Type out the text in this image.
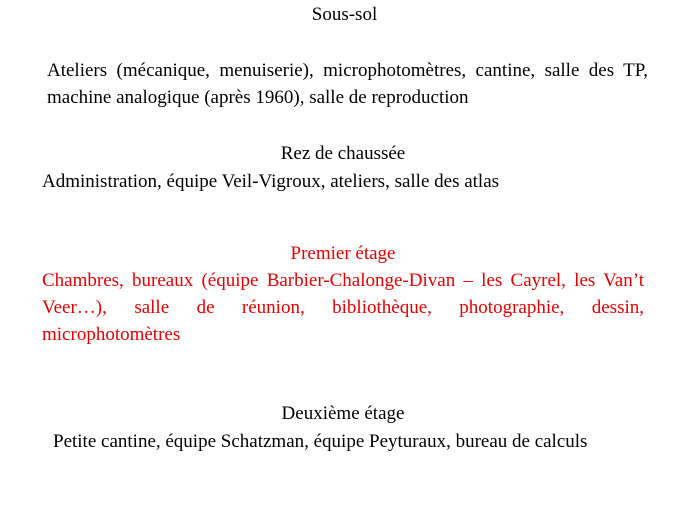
Sous-sol
Ateliers (mécanique, menuiserie), microphotomètres, cantine, salle des TP, machine analogique (après 1960), salle de reproduction
Rez de chaussée
Administration, équipe Veil-Vigroux, ateliers, salle des atlas
Premier étage
Chambres, bureaux (équipe Barbier-Chalonge-Divan – les Cayrel, les Van’t Veer…), salle de réunion, bibliothèque, photographie, dessin, microphotomètres
Deuxième étage
Petite cantine, équipe Schatzman, équipe Peyturaux, bureau de calculs
